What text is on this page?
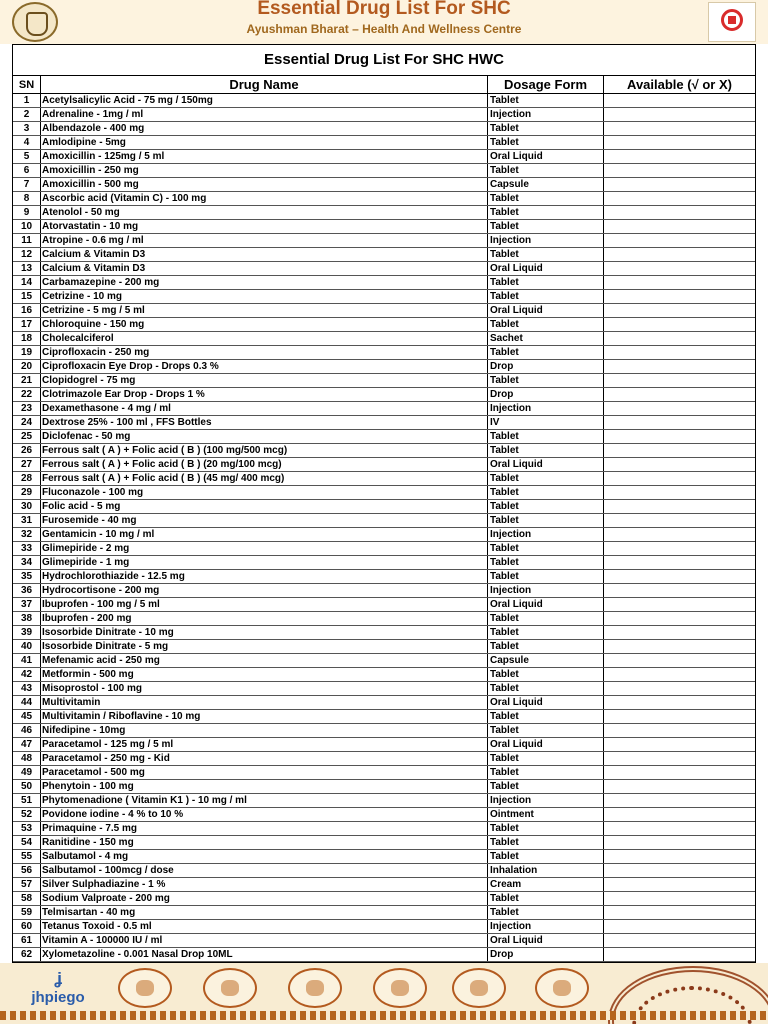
Essential Drug List For SHC
Ayushman Bharat – Health And Wellness Centre
Essential Drug List For SHC HWC
SN	Drug Name	Dosage Form	Available (√ or X)
1	Acetylsalicylic Acid - 75 mg / 150mg	Tablet
2	Adrenaline - 1mg / ml	Injection
3	Albendazole - 400 mg	Tablet
4	Amlodipine - 5mg	Tablet
5	Amoxicillin - 125mg / 5 ml	Oral Liquid
6	Amoxicillin - 250 mg	Tablet
7	Amoxicillin - 500 mg	Capsule
8	Ascorbic acid (Vitamin C) - 100 mg	Tablet
9	Atenolol - 50 mg	Tablet
10 Atorvastatin - 10 mg	Tablet
11	Atropine - 0.6 mg / ml	Injection
12 Calcium & Vitamin D3	Tablet
13 Calcium & Vitamin D3	Oral Liquid
14 Carbamazepine - 200 mg	Tablet
15 Cetrizine - 10 mg	Tablet
16 Cetrizine - 5 mg / 5 ml	Oral Liquid
17 Chloroquine - 150 mg	Tablet
18 Cholecalciferol	Sachet
19 Ciprofloxacin - 250 mg	Tablet
20 Ciprofloxacin Eye Drop - Drops 0.3 %	Drop
21 Clopidogrel - 75 mg	Tablet
22 Clotrimazole Ear Drop - Drops 1 %	Drop
23 Dexamethasone - 4 mg / ml	Injection
24 Dextrose 25% - 100 ml , FFS Bottles	IV
25 Diclofenac - 50 mg	Tablet
26 Ferrous salt ( A ) + Folic acid ( B ) (100 mg/500 mcg)	Tablet
27 Ferrous salt ( A ) + Folic acid ( B ) (20 mg/100 mcg)	Oral Liquid
28 Ferrous salt ( A ) + Folic acid ( B ) (45 mg/ 400 mcg)	Tablet
29 Fluconazole - 100 mg	Tablet
30 Folic acid - 5 mg	Tablet
31 Furosemide - 40 mg	Tablet
32 Gentamicin - 10 mg / ml	Injection
33 Glimepiride - 2 mg	Tablet
34 Glimepiride - 1 mg	Tablet
35 Hydrochlorothiazide - 12.5 mg	Tablet
36 Hydrocortisone - 200 mg	Injection
37 Ibuprofen - 100 mg / 5 ml	Oral Liquid
38 Ibuprofen - 200 mg	Tablet
39 Isosorbide Dinitrate - 10 mg	Tablet
40 Isosorbide Dinitrate - 5 mg	Tablet
41 Mefenamic acid - 250 mg	Capsule
42 Metformin - 500 mg	Tablet
43 Misoprostol - 100 mg	Tablet
44 Multivitamin	Oral Liquid
45 Multivitamin / Riboflavine - 10 mg	Tablet
46 Nifedipine - 10mg	Tablet
47 Paracetamol - 125 mg / 5 ml	Oral Liquid
48 Paracetamol - 250 mg - Kid	Tablet
49 Paracetamol - 500 mg	Tablet
50 Phenytoin - 100 mg	Tablet
51 Phytomenadione ( Vitamin K1 ) - 10 mg / ml	Injection
52 Povidone iodine - 4 % to 10 %	Ointment
53 Primaquine - 7.5 mg	Tablet
54 Ranitidine - 150 mg	Tablet
55 Salbutamol - 4 mg	Tablet
56 Salbutamol - 100mcg / dose	Inhalation
57 Silver Sulphadiazine - 1 %	Cream
58 Sodium Valproate - 200 mg	Tablet
59 Telmisartan - 40 mg	Tablet
60 Tetanus Toxoid - 0.5 ml	Injection
61 Vitamin A - 100000 IU / ml	Oral Liquid
62 Xylometazoline - 0.001 Nasal Drop 10ML	Drop
ʝ
jhpiego
